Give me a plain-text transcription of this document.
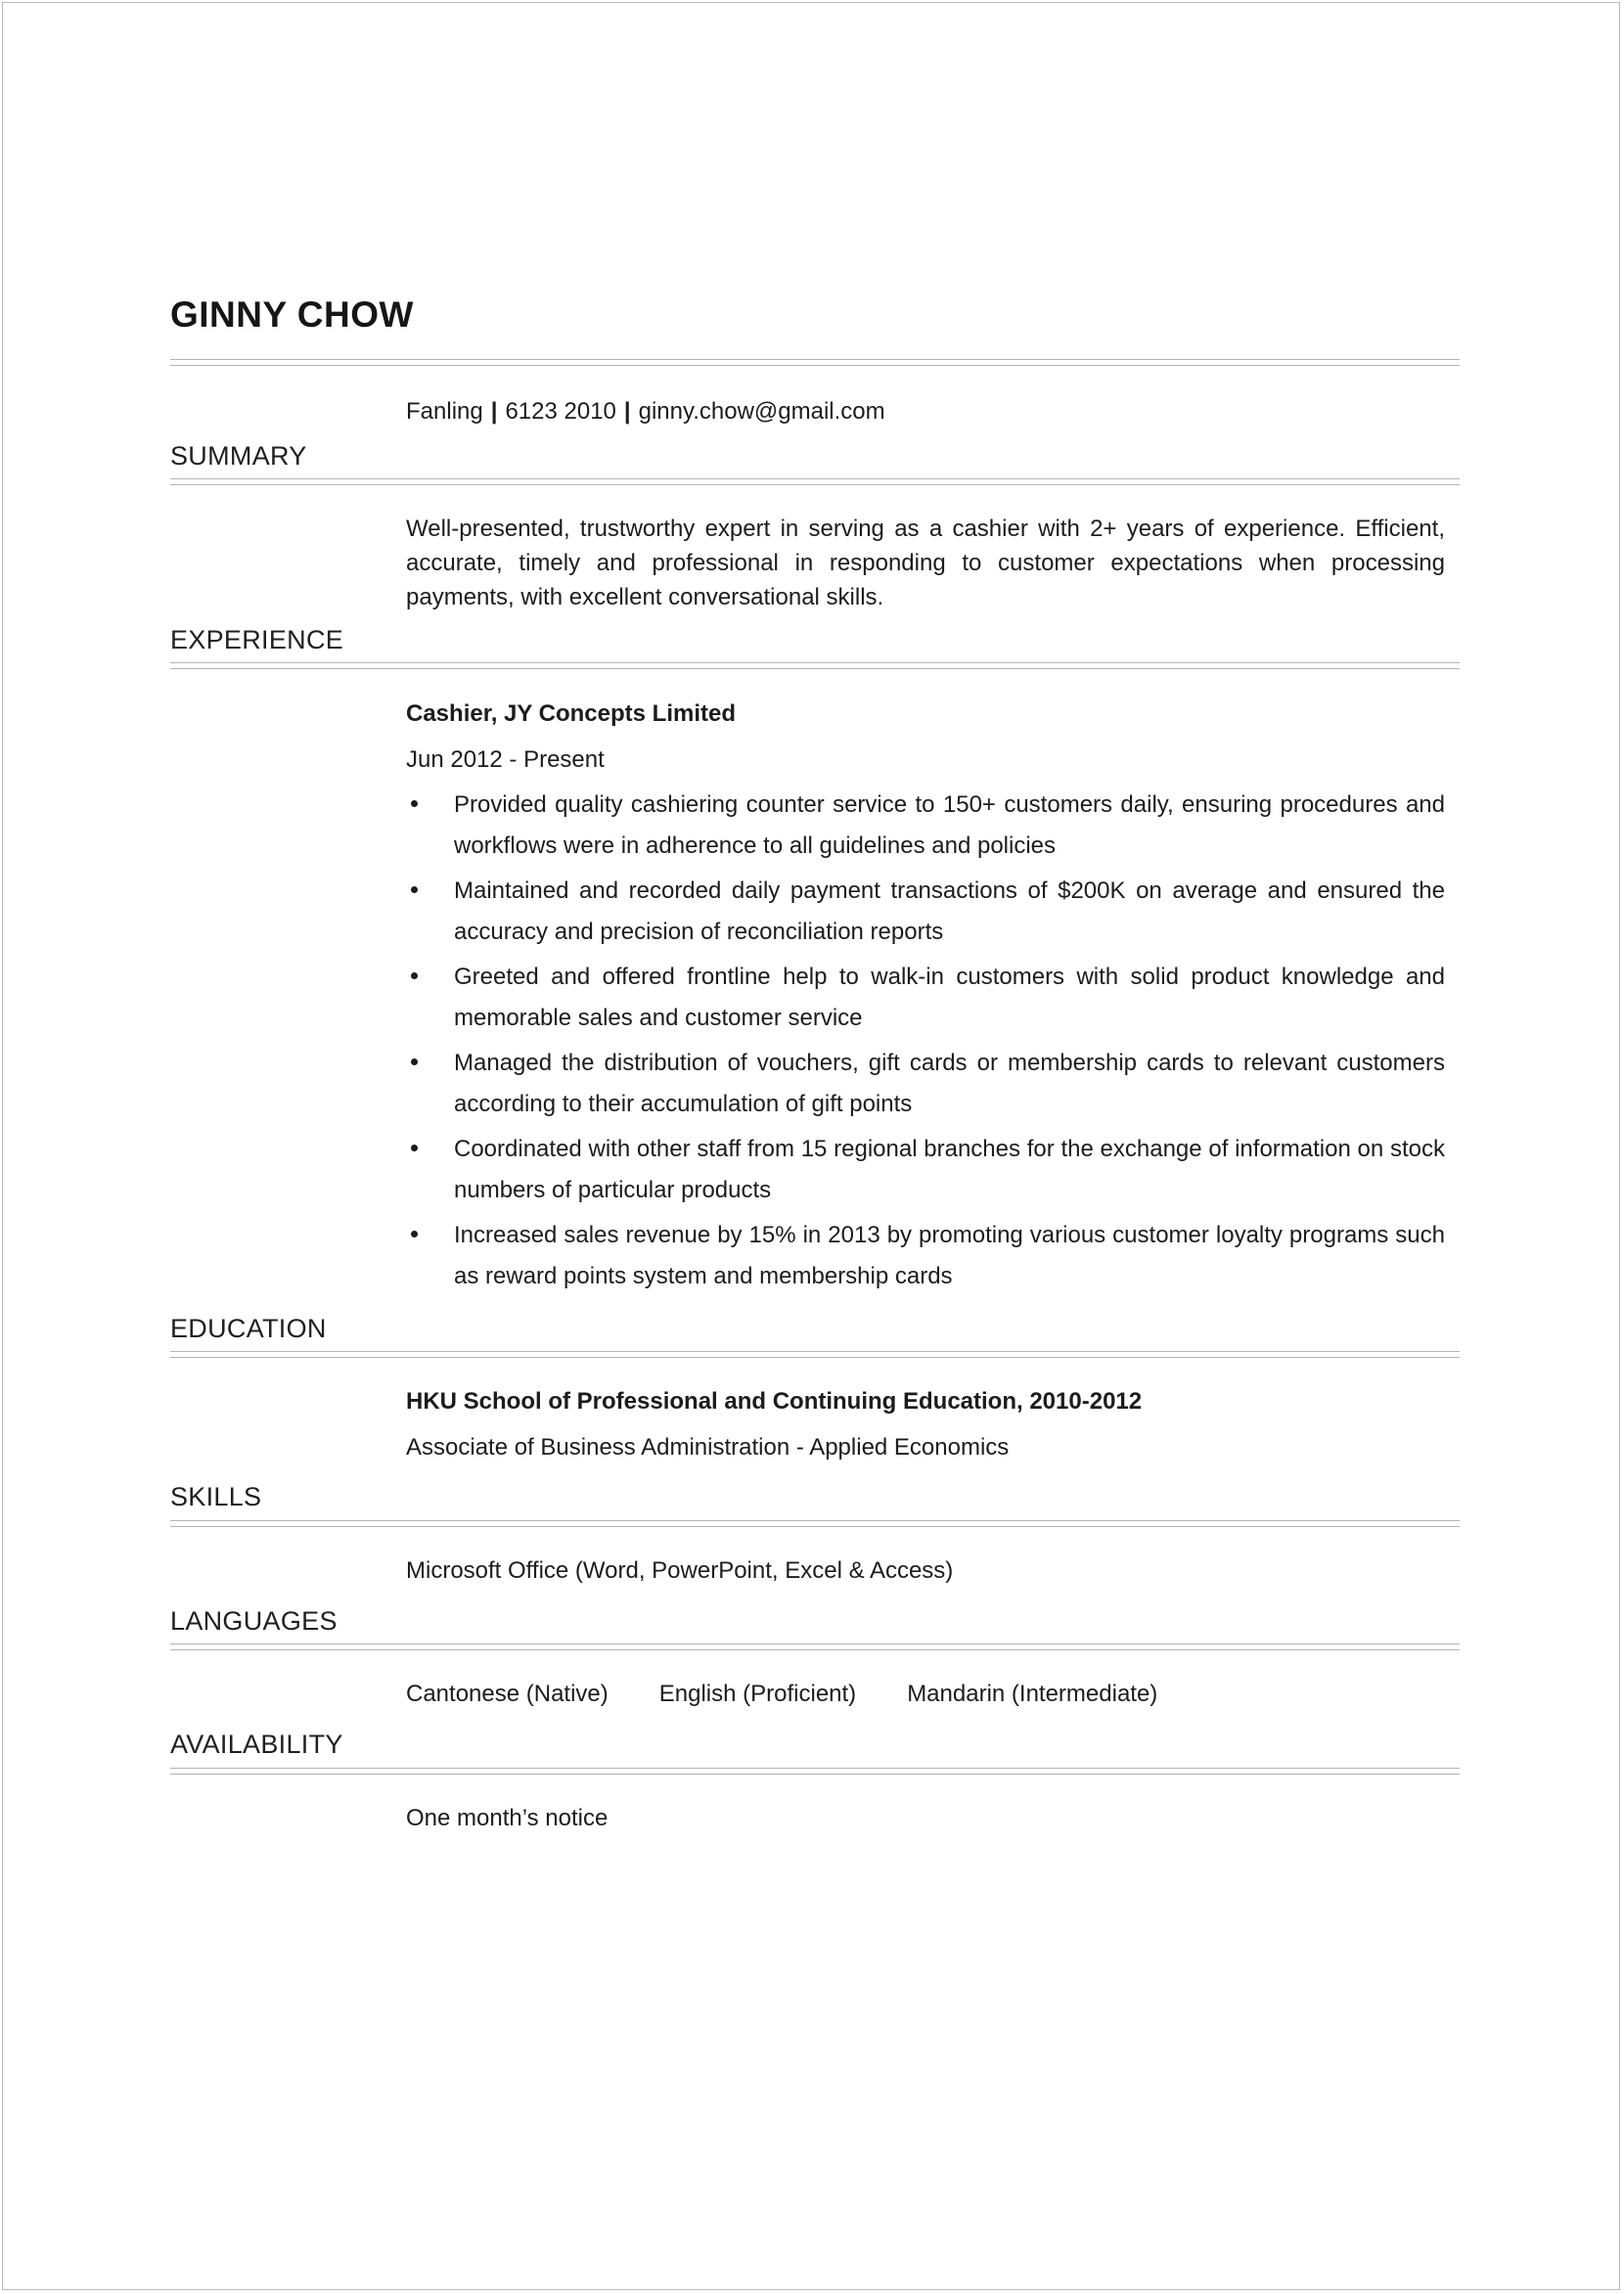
GINNY CHOW
Fanling | 6123 2010 | ginny.chow@gmail.com
SUMMARY
Well-presented, trustworthy expert in serving as a cashier with 2+ years of experience. Efficient, accurate, timely and professional in responding to customer expectations when processing payments, with excellent conversational skills.
EXPERIENCE
Cashier, JY Concepts Limited
Jun 2012 - Present
Provided quality cashiering counter service to 150+ customers daily, ensuring procedures and workflows were in adherence to all guidelines and policies
Maintained and recorded daily payment transactions of $200K on average and ensured the accuracy and precision of reconciliation reports
Greeted and offered frontline help to walk-in customers with solid product knowledge and memorable sales and customer service
Managed the distribution of vouchers, gift cards or membership cards to relevant customers according to their accumulation of gift points
Coordinated with other staff from 15 regional branches for the exchange of information on stock numbers of particular products
Increased sales revenue by 15% in 2013 by promoting various customer loyalty programs such as reward points system and membership cards
EDUCATION
HKU School of Professional and Continuing Education, 2010-2012
Associate of Business Administration - Applied Economics
SKILLS
Microsoft Office (Word, PowerPoint, Excel & Access)
LANGUAGES
Cantonese (Native) English (Proficient) Mandarin (Intermediate)
AVAILABILITY
One month’s notice
